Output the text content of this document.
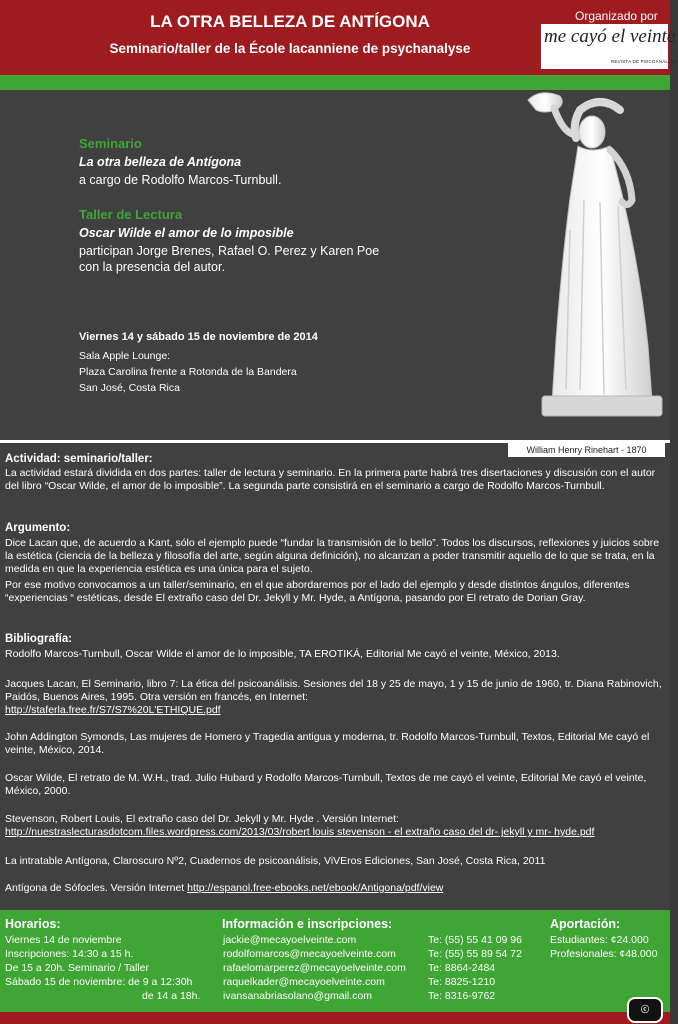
LA OTRA BELLEZA DE ANTÍGONA
Seminario/taller de la École lacanniene de psychanalyse
Organizado por
me cayó el veinte
REVISTA DE PSICOANÁLISIS
Seminario
La otra belleza de Antígona
a cargo de Rodolfo Marcos-Turnbull.
Taller de Lectura
Oscar Wilde el amor de lo imposible
participan Jorge Brenes, Rafael O. Perez y Karen Poe
con la presencia del autor.
Viernes 14 y sábado 15 de noviembre de 2014
Sala Apple Lounge:
Plaza Carolina frente a Rotonda de la Bandera
San José, Costa Rica
William Henry Rinehart - 1870
Actividad: seminario/taller:
La actividad estará dividida en dos partes: taller de lectura y seminario. En la primera parte habrá tres disertaciones y discusión con el autor del libro “Oscar Wilde, el amor de lo imposible”. La segunda parte consistirá en el seminario a cargo de Rodolfo Marcos-Turnbull.
Argumento:
Dice Lacan que, de acuerdo a Kant, sólo el ejemplo puede “fundar la transmisión de lo bello”. Todos los discursos, reflexiones y juicios sobre la estética (ciencia de la belleza y filosofía del arte, según alguna definición), no alcanzan a poder transmitir aquello de lo que se trata, en la medida en que la experiencia estética es una única para el sujeto.
Por ese motivo convocamos a un taller/seminario, en el que abordaremos por el lado del ejemplo y desde distintos ángulos, diferentes “experiencias “ estéticas, desde El extraño caso del Dr. Jekyll y Mr. Hyde, a Antígona, pasando por El retrato de Dorian Gray.
Bibliografía:
Rodolfo Marcos-Turnbull, Oscar Wilde el amor de lo imposible, TA EROTIKÁ, Editorial Me cayó el veinte, México, 2013.
Jacques Lacan, El Seminario, libro 7: La ética del psicoanálisis. Sesiones del 18 y 25 de mayo, 1 y 15 de junio de 1960, tr. Diana Rabinovich, Paidós, Buenos Aires, 1995. Otra versión en francés, en Internet:
http://staferla.free.fr/S7/S7%20L'ETHIQUE.pdf
John Addington Symonds, Las mujeres de Homero y Tragedia antigua y moderna, tr. Rodolfo Marcos-Turnbull, Textos, Editorial Me cayó el veinte, México, 2014.
Oscar Wilde, El retrato de M. W.H., trad. Julio Hubard y Rodolfo Marcos-Turnbull, Textos de me cayó el veinte, Editorial Me cayó el veinte, México, 2000.
Stevenson, Robert Louis, El extraño caso del Dr. Jekyll y Mr. Hyde . Versión Internet:
http://nuestraslecturasdotcom.files.wordpress.com/2013/03/robert louis stevenson - el extraño caso del dr- jekyll y mr- hyde.pdf
La intratable Antígona, Claroscuro Nº2, Cuadernos de psicoanálisis, ViVEros Ediciones, San José, Costa Rica, 2011
Antígona de Sófocles. Versión Internet http://espanol.free-ebooks.net/ebook/Antigona/pdf/view
Horarios:
Viernes 14 de noviembre
Inscripciones: 14:30 a 15 h.
De 15 a 20h. Seminario / Taller
Sábado 15 de noviembre: de 9 a 12:30h
de 14 a 18h.
Información e inscripciones:
jackie@mecayoelveinte.com
rodolfomarcos@mecayoelveinte.com
rafaelomarperez@mecayoelveinte.com
raquelkader@mecayoelveinte.com
ivansanabriasolano@gmail.com
Te: (55) 55 41 09 96
Te: (55) 55 89 54 72
Te: 8864-2484
Te: 8825-1210
Te: 8316-9762
Aportación:
Estudiantes: ¢24.000
Profesionales: ¢48.000
ⓒ
